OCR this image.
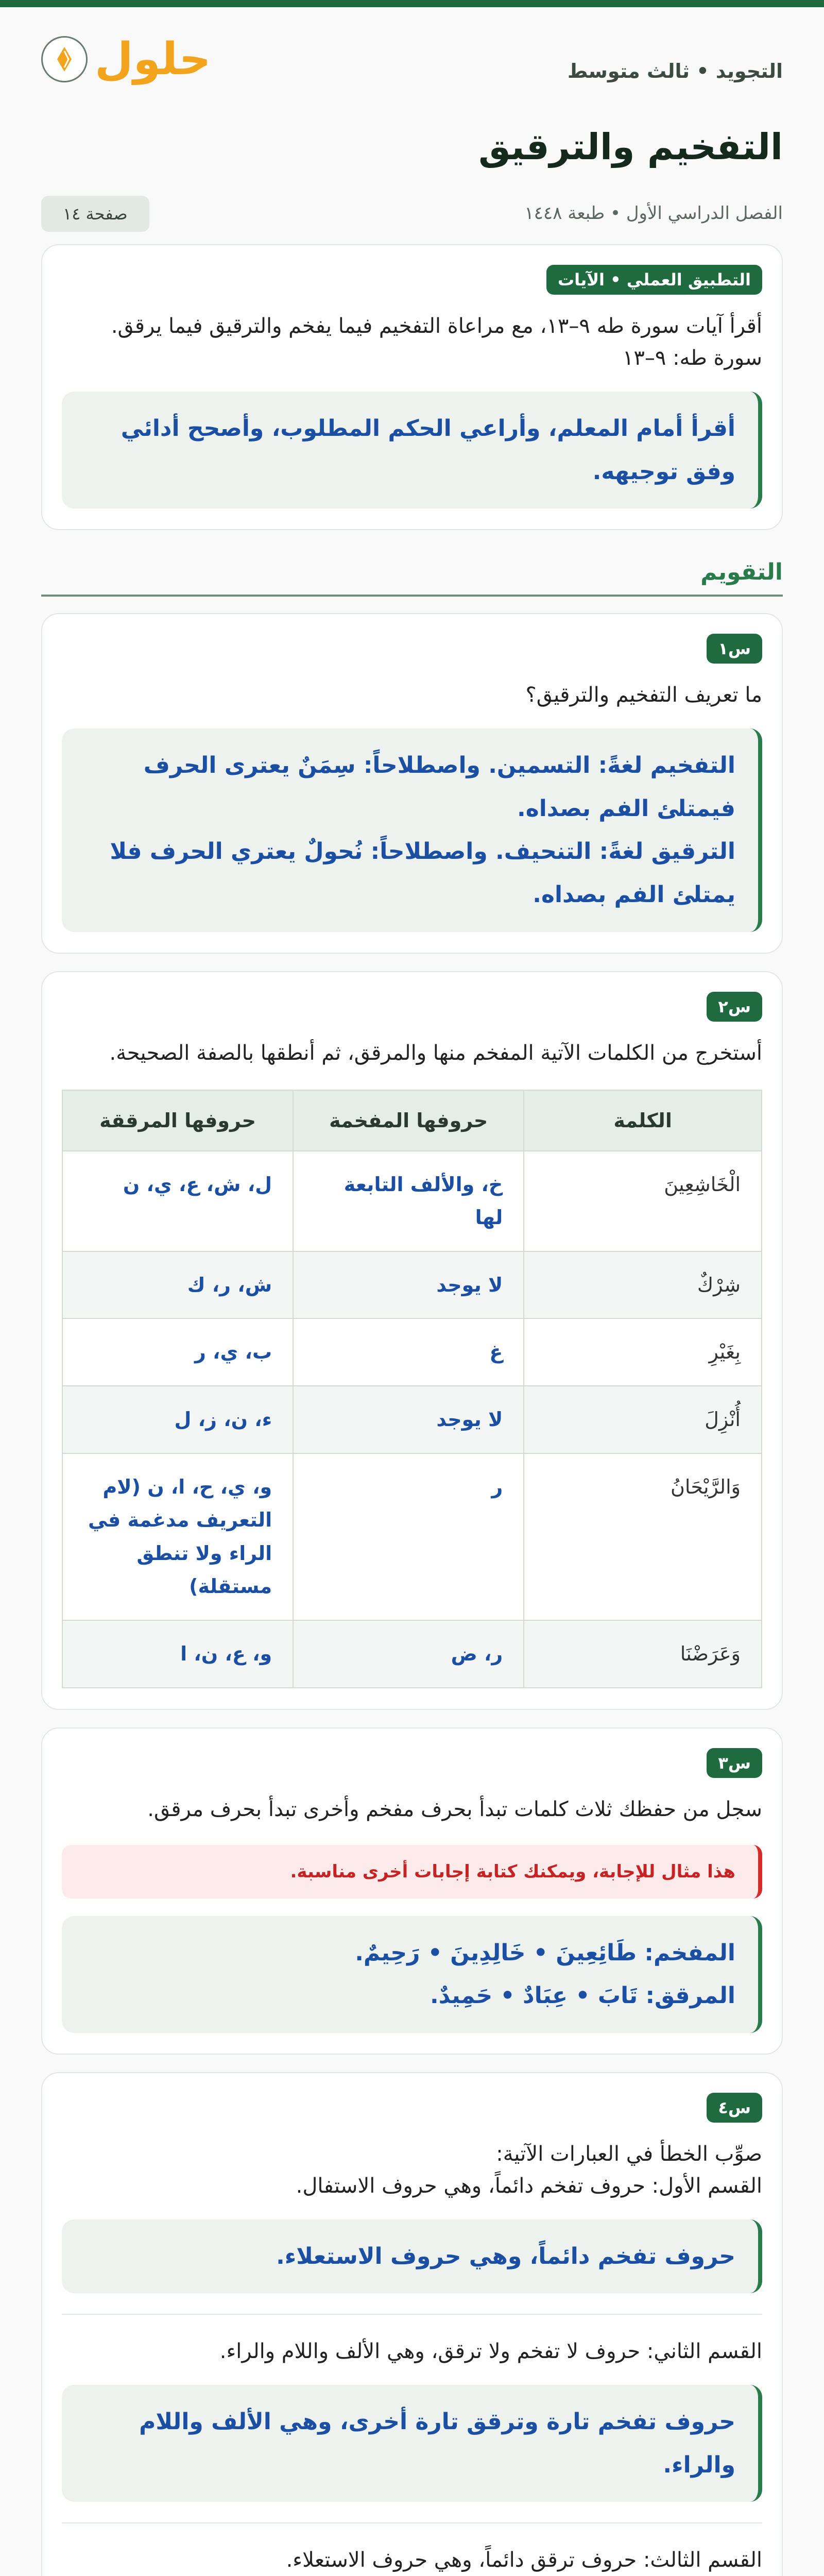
حلول	التجويد • ثالث متوسط
التفخيم والترقيق
الفصل الدراسي الأول • طبعة ١٤٤٨
صفحة ١٤
التطبيق العملي • الآيات
أقرأ آيات سورة طه ٩–١٣، مع مراعاة التفخيم فيما يفخم والترقيق فيما يرقق.
سورة طه: ٩–١٣

أقرأ أمام المعلم، وأراعي الحكم المطلوب، وأصحح أدائي وفق توجيهه.

التقويم
س١
ما تعريف التفخيم والترقيق؟

التفخيم لغةً: التسمين. واصطلاحاً: سِمَنٌ يعترى الحرف فيمتلئ الفم بصداه.

الترقيق لغةً: التنحيف. واصطلاحاً: نُحولٌ يعتري الحرف فلا يمتلئ الفم بصداه.

س٢
أستخرج من الكلمات الآتية المفخم منها والمرقق، ثم أنطقها بالصفة الصحيحة.
الكلمة	حروفها المفخمة	حروفها المرققة
الْخَاشِعِينَ	خ، والألف التابعة لها	ل، ش، ع، ي، ن
شِرْكٌ	لا يوجد	ش، ر، ك
بِغَيْرِ	غ	ب، ي، ر
أُنْزِلَ	لا يوجد	ء، ن، ز، ل
وَالرَّيْحَانُ	ر	و، ي، ح، ا، ن (لام التعريف مدغمة في الراء ولا تنطق مستقلة)
وَعَرَضْنَا	ر، ض	و، ع، ن، ا
س٣
سجل من حفظك ثلاث كلمات تبدأ بحرف مفخم وأخرى تبدأ بحرف مرقق.
هذا مثال للإجابة، ويمكنك كتابة إجابات أخرى مناسبة.

المفخم: طَائِعِينَ • خَالِدِينَ • رَحِيمٌ.

المرقق: تَابَ • عِبَادٌ • حَمِيدٌ.

س٤
صوِّب الخطأ في العبارات الآتية:
القسم الأول: حروف تفخم دائماً، وهي حروف الاستفال.

حروف تفخم دائماً، وهي حروف الاستعلاء.

القسم الثاني: حروف لا تفخم ولا ترقق، وهي الألف واللام والراء.

حروف تفخم تارة وترقق تارة أخرى، وهي الألف واللام والراء.

القسم الثالث: حروف ترقق دائماً، وهي حروف الاستعلاء.
